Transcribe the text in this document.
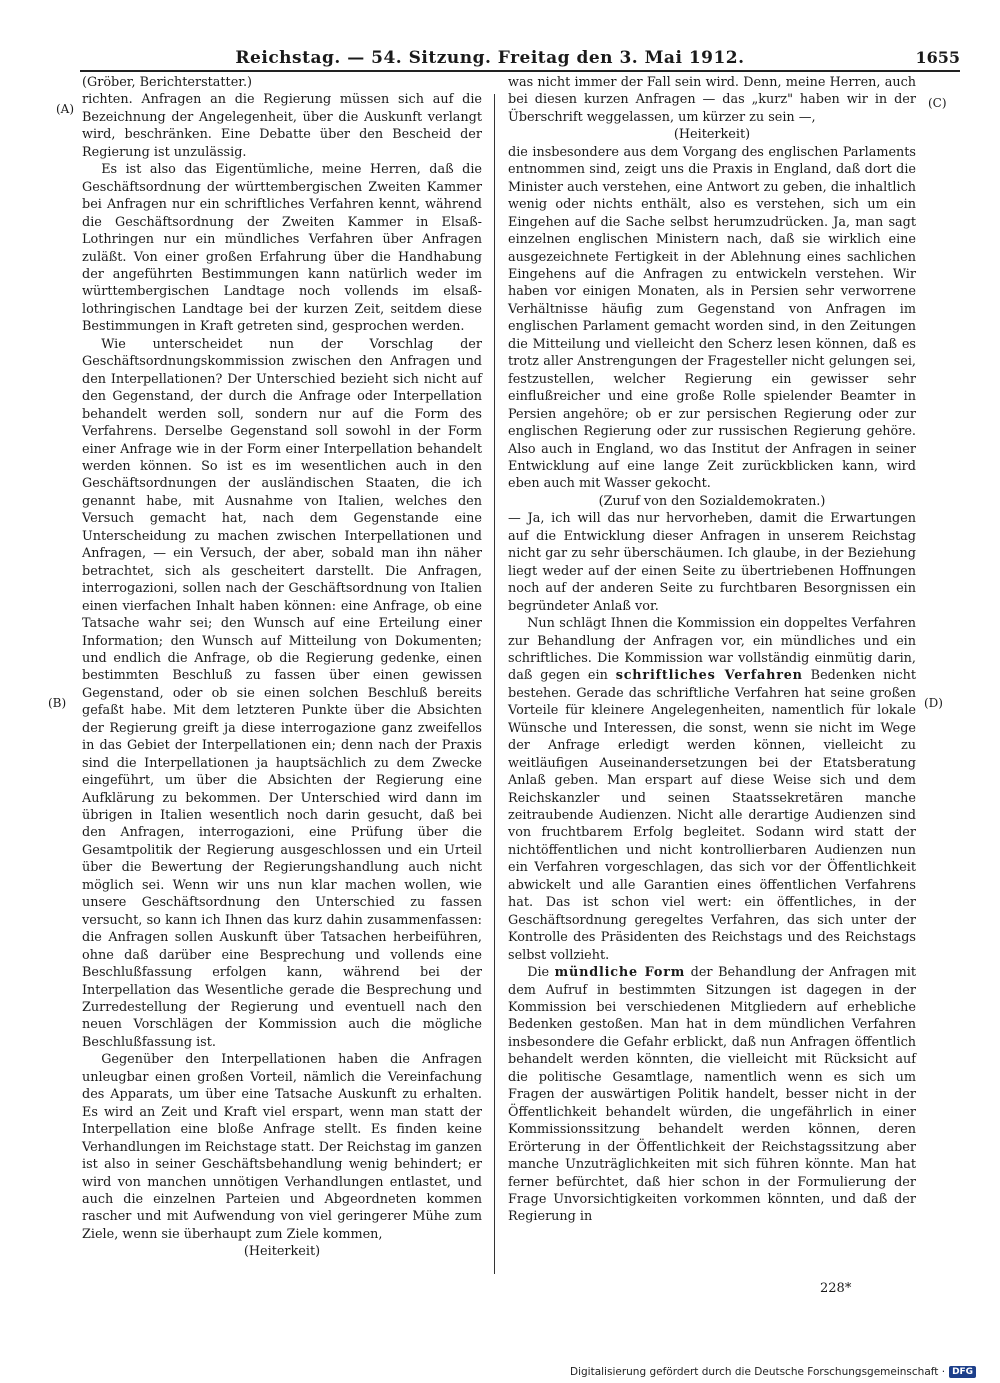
Reichstag. — 54. Sitzung. Freitag den 3. Mai 1912.	1655
(A)
(B)
(C)
(D)

(Gröber, Berichterstatter.)

richten. Anfragen an die Regierung müssen sich auf die Bezeichnung der Angelegenheit, über die Auskunft verlangt wird, beschränken. Eine Debatte über den Bescheid der Regierung ist unzulässig.

Es ist also das Eigentümliche, meine Herren, daß die Geschäftsordnung der württembergischen Zweiten Kammer bei Anfragen nur ein schriftliches Verfahren kennt, während die Geschäftsordnung der Zweiten Kammer in Elsaß-Lothringen nur ein mündliches Verfahren über Anfragen zuläßt. Von einer großen Erfahrung über die Handhabung der angeführten Bestimmungen kann natürlich weder im württembergischen Landtage noch vollends im elsaß-lothringischen Landtage bei der kurzen Zeit, seitdem diese Bestimmungen in Kraft getreten sind, gesprochen werden.

Wie unterscheidet nun der Vorschlag der Geschäftsordnungskommission zwischen den Anfragen und den Interpellationen? Der Unterschied bezieht sich nicht auf den Gegenstand, der durch die Anfrage oder Interpellation behandelt werden soll, sondern nur auf die Form des Verfahrens. Derselbe Gegenstand soll sowohl in der Form einer Anfrage wie in der Form einer Interpellation behandelt werden können. So ist es im wesentlichen auch in den Geschäftsordnungen der ausländischen Staaten, die ich genannt habe, mit Ausnahme von Italien, welches den Versuch gemacht hat, nach dem Gegenstande eine Unterscheidung zu machen zwischen Interpellationen und Anfragen, — ein Versuch, der aber, sobald man ihn näher betrachtet, sich als gescheitert darstellt. Die Anfragen, interrogazioni, sollen nach der Geschäftsordnung von Italien einen vierfachen Inhalt haben können: eine Anfrage, ob eine Tatsache wahr sei; den Wunsch auf eine Erteilung einer Information; den Wunsch auf Mitteilung von Dokumenten; und endlich die Anfrage, ob die Regierung gedenke, einen bestimmten Beschluß zu fassen über einen gewissen Gegenstand, oder ob sie einen solchen Beschluß bereits gefaßt habe. Mit dem letzteren Punkte über die Absichten der Regierung greift ja diese interrogazione ganz zweifellos in das Gebiet der Interpellationen ein; denn nach der Praxis sind die Interpellationen ja hauptsächlich zu dem Zwecke eingeführt, um über die Absichten der Regierung eine Aufklärung zu bekommen. Der Unterschied wird dann im übrigen in Italien wesentlich noch darin gesucht, daß bei den Anfragen, interrogazioni, eine Prüfung über die Gesamtpolitik der Regierung ausgeschlossen und ein Urteil über die Bewertung der Regierungshandlung auch nicht möglich sei. Wenn wir uns nun klar machen wollen, wie unsere Geschäftsordnung den Unterschied zu fassen versucht, so kann ich Ihnen das kurz dahin zusammenfassen: die Anfragen sollen Auskunft über Tatsachen herbeiführen, ohne daß darüber eine Besprechung und vollends eine Beschlußfassung erfolgen kann, während bei der Interpellation das Wesentliche gerade die Besprechung und Zurredestellung der Regierung und eventuell nach den neuen Vorschlägen der Kommission auch die mögliche Beschlußfassung ist.

Gegenüber den Interpellationen haben die Anfragen unleugbar einen großen Vorteil, nämlich die Vereinfachung des Apparats, um über eine Tatsache Auskunft zu erhalten. Es wird an Zeit und Kraft viel erspart, wenn man statt der Interpellation eine bloße Anfrage stellt. Es finden keine Verhandlungen im Reichstage statt. Der Reichstag im ganzen ist also in seiner Geschäftsbehandlung wenig behindert; er wird von manchen unnötigen Verhandlungen entlastet, und auch die einzelnen Parteien und Abgeordneten kommen rascher und mit Aufwendung von viel geringerer Mühe zum Ziele, wenn sie überhaupt zum Ziele kommen,

(Heiterkeit)

was nicht immer der Fall sein wird. Denn, meine Herren, auch bei diesen kurzen Anfragen — das „kurz" haben wir in der Überschrift weggelassen, um kürzer zu sein —,

(Heiterkeit)

die insbesondere aus dem Vorgang des englischen Parlaments entnommen sind, zeigt uns die Praxis in England, daß dort die Minister auch verstehen, eine Antwort zu geben, die inhaltlich wenig oder nichts enthält, also es verstehen, sich um ein Eingehen auf die Sache selbst herumzudrücken. Ja, man sagt einzelnen englischen Ministern nach, daß sie wirklich eine ausgezeichnete Fertigkeit in der Ablehnung eines sachlichen Eingehens auf die Anfragen zu entwickeln verstehen. Wir haben vor einigen Monaten, als in Persien sehr verworrene Verhältnisse häufig zum Gegenstand von Anfragen im englischen Parlament gemacht worden sind, in den Zeitungen die Mitteilung und vielleicht den Scherz lesen können, daß es trotz aller Anstrengungen der Fragesteller nicht gelungen sei, festzustellen, welcher Regierung ein gewisser sehr einflußreicher und eine große Rolle spielender Beamter in Persien angehöre; ob er zur persischen Regierung oder zur englischen Regierung oder zur russischen Regierung gehöre. Also auch in England, wo das Institut der Anfragen in seiner Entwicklung auf eine lange Zeit zurückblicken kann, wird eben auch mit Wasser gekocht.

(Zuruf von den Sozialdemokraten.)

— Ja, ich will das nur hervorheben, damit die Erwartungen auf die Entwicklung dieser Anfragen in unserem Reichstag nicht gar zu sehr überschäumen. Ich glaube, in der Beziehung liegt weder auf der einen Seite zu übertriebenen Hoffnungen noch auf der anderen Seite zu furchtbaren Besorgnissen ein begründeter Anlaß vor.

Nun schlägt Ihnen die Kommission ein doppeltes Verfahren zur Behandlung der Anfragen vor, ein mündliches und ein schriftliches. Die Kommission war vollständig einmütig darin, daß gegen ein schriftliches Verfahren Bedenken nicht bestehen. Gerade das schriftliche Verfahren hat seine großen Vorteile für kleinere Angelegenheiten, namentlich für lokale Wünsche und Interessen, die sonst, wenn sie nicht im Wege der Anfrage erledigt werden können, vielleicht zu weitläufigen Auseinandersetzungen bei der Etatsberatung Anlaß geben. Man erspart auf diese Weise sich und dem Reichskanzler und seinen Staatssekretären manche zeitraubende Audienzen. Nicht alle derartige Audienzen sind von fruchtbarem Erfolg begleitet. Sodann wird statt der nichtöffentlichen und nicht kontrollierbaren Audienzen nun ein Verfahren vorgeschlagen, das sich vor der Öffentlichkeit abwickelt und alle Garantien eines öffentlichen Verfahrens hat. Das ist schon viel wert: ein öffentliches, in der Geschäftsordnung geregeltes Verfahren, das sich unter der Kontrolle des Präsidenten des Reichstags und des Reichstags selbst vollzieht.

Die mündliche Form der Behandlung der Anfragen mit dem Aufruf in bestimmten Sitzungen ist dagegen in der Kommission bei verschiedenen Mitgliedern auf erhebliche Bedenken gestoßen. Man hat in dem mündlichen Verfahren insbesondere die Gefahr erblickt, daß nun Anfragen öffentlich behandelt werden könnten, die vielleicht mit Rücksicht auf die politische Gesamtlage, namentlich wenn es sich um Fragen der auswärtigen Politik handelt, besser nicht in der Öffentlichkeit behandelt würden, die ungefährlich in einer Kommissionssitzung behandelt werden können, deren Erörterung in der Öffentlichkeit der Reichstagssitzung aber manche Unzuträglichkeiten mit sich führen könnte. Man hat ferner befürchtet, daß hier schon in der Formulierung der Frage Unvorsichtigkeiten vorkommen könnten, und daß der Regierung in

228*
Digitalisierung gefördert durch die Deutsche Forschungsgemeinschaft · DFG
